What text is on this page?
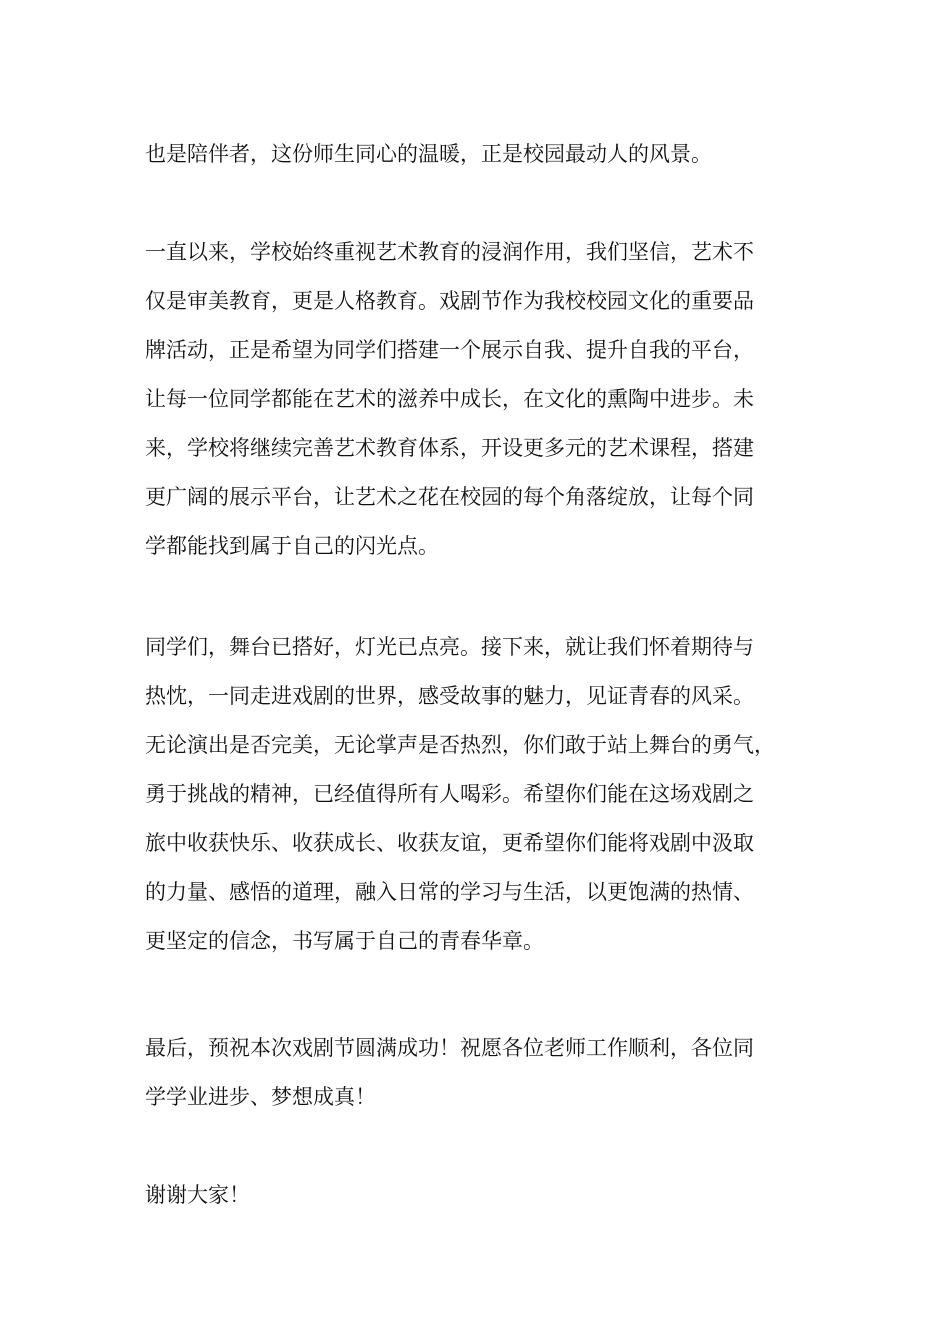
也是陪伴者，这份师生同心的温暖，正是校园最动人的风景。
一直以来，学校始终重视艺术教育的浸润作用，我们坚信，艺术不
仅是审美教育，更是人格教育。戏剧节作为我校校园文化的重要品
牌活动，正是希望为同学们搭建一个展示自我、提升自我的平台，
让每一位同学都能在艺术的滋养中成长，在文化的熏陶中进步。未
来，学校将继续完善艺术教育体系，开设更多元的艺术课程，搭建
更广阔的展示平台，让艺术之花在校园的每个角落绽放，让每个同
学都能找到属于自己的闪光点。
同学们，舞台已搭好，灯光已点亮。接下来，就让我们怀着期待与
热忱，一同走进戏剧的世界，感受故事的魅力，见证青春的风采。
无论演出是否完美，无论掌声是否热烈，你们敢于站上舞台的勇气，
勇于挑战的精神，已经值得所有人喝彩。希望你们能在这场戏剧之
旅中收获快乐、收获成长、收获友谊，更希望你们能将戏剧中汲取
的力量、感悟的道理，融入日常的学习与生活，以更饱满的热情、
更坚定的信念，书写属于自己的青春华章。
最后，预祝本次戏剧节圆满成功！祝愿各位老师工作顺利，各位同
学学业进步、梦想成真！
谢谢大家！
